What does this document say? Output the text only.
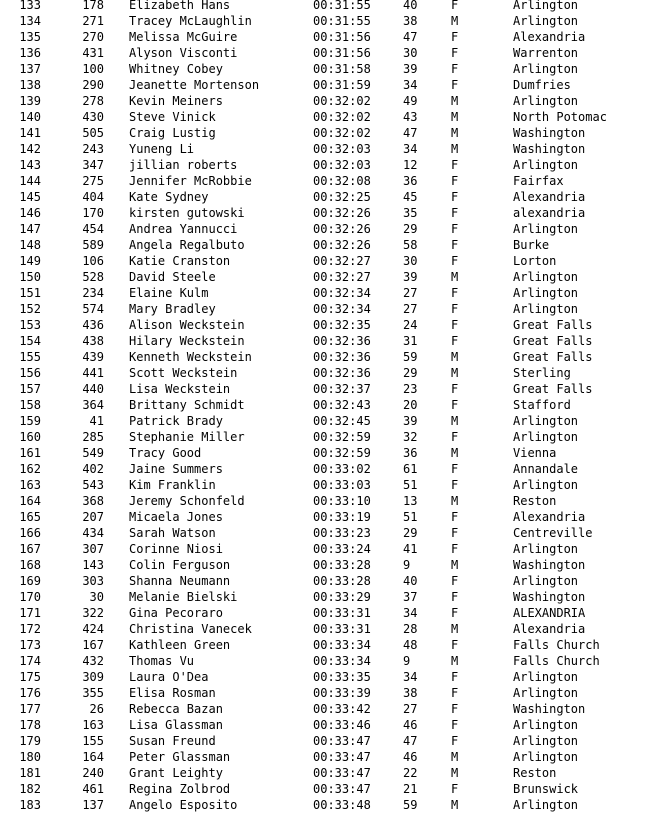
133	178 Elizabeth Hans	00:31:55	40	F	Arlington
134	271 Tracey McLaughlin	00:31:55	38	M	Arlington
135	270 Melissa McGuire	00:31:56	47	F	Alexandria
136	431 Alyson Visconti	00:31:56	30	F	Warrenton
137	100 Whitney Cobey	00:31:58	39	F	Arlington
138	290 Jeanette Mortenson	00:31:59	34	F	Dumfries
139	278 Kevin Meiners	00:32:02	49	M	Arlington
140	430 Steve Vinick	00:32:02	43	M	North Potomac
141	505 Craig Lustig	00:32:02	47	M	Washington
142	243 Yuneng Li	00:32:03	34	M	Washington
143	347 jillian roberts	00:32:03	12	F	Arlington
144	275 Jennifer McRobbie	00:32:08	36	F	Fairfax
145	404 Kate Sydney	00:32:25	45	F	Alexandria
146	170 kirsten gutowski	00:32:26	35	F	alexandria
147	454 Andrea Yannucci	00:32:26	29	F	Arlington
148	589 Angela Regalbuto	00:32:26	58	F	Burke
149	106 Katie Cranston	00:32:27	30	F	Lorton
150	528 David Steele	00:32:27	39	M	Arlington
151	234 Elaine Kulm	00:32:34	27	F	Arlington
152	574 Mary Bradley	00:32:34	27	F	Arlington
153	436 Alison Weckstein	00:32:35	24	F	Great Falls
154	438 Hilary Weckstein	00:32:36	31	F	Great Falls
155	439 Kenneth Weckstein	00:32:36	59	M	Great Falls
156	441 Scott Weckstein	00:32:36	29	M	Sterling
157	440 Lisa Weckstein	00:32:37	23	F	Great Falls
158	364 Brittany Schmidt	00:32:43	20	F	Stafford
159	41 Patrick Brady	00:32:45	39	M	Arlington
160	285 Stephanie Miller	00:32:59	32	F	Arlington
161	549 Tracy Good	00:32:59	36	M	Vienna
162	402 Jaine Summers	00:33:02	61	F	Annandale
163	543 Kim Franklin	00:33:03	51	F	Arlington
164	368 Jeremy Schonfeld	00:33:10	13	M	Reston
165	207 Micaela Jones	00:33:19	51	F	Alexandria
166	434 Sarah Watson	00:33:23	29	F	Centreville
167	307 Corinne Niosi	00:33:24	41	F	Arlington
168	143 Colin Ferguson	00:33:28	9	M	Washington
169	303 Shanna Neumann	00:33:28	40	F	Arlington
170	30 Melanie Bielski	00:33:29	37	F	Washington
171	322 Gina Pecoraro	00:33:31	34	F	ALEXANDRIA
172	424 Christina Vanecek	00:33:31	28	M	Alexandria
173	167 Kathleen Green	00:33:34	48	F	Falls Church
174	432 Thomas Vu	00:33:34	9	M	Falls Church
175	309 Laura O'Dea	00:33:35	34	F	Arlington
176	355 Elisa Rosman	00:33:39	38	F	Arlington
177	26 Rebecca Bazan	00:33:42	27	F	Washington
178	163 Lisa Glassman	00:33:46	46	F	Arlington
179	155 Susan Freund	00:33:47	47	F	Arlington
180	164 Peter Glassman	00:33:47	46	M	Arlington
181	240 Grant Leighty	00:33:47	22	M	Reston
182	461 Regina Zolbrod	00:33:47	21	F	Brunswick
183	137 Angelo Esposito	00:33:48	59	M	Arlington
